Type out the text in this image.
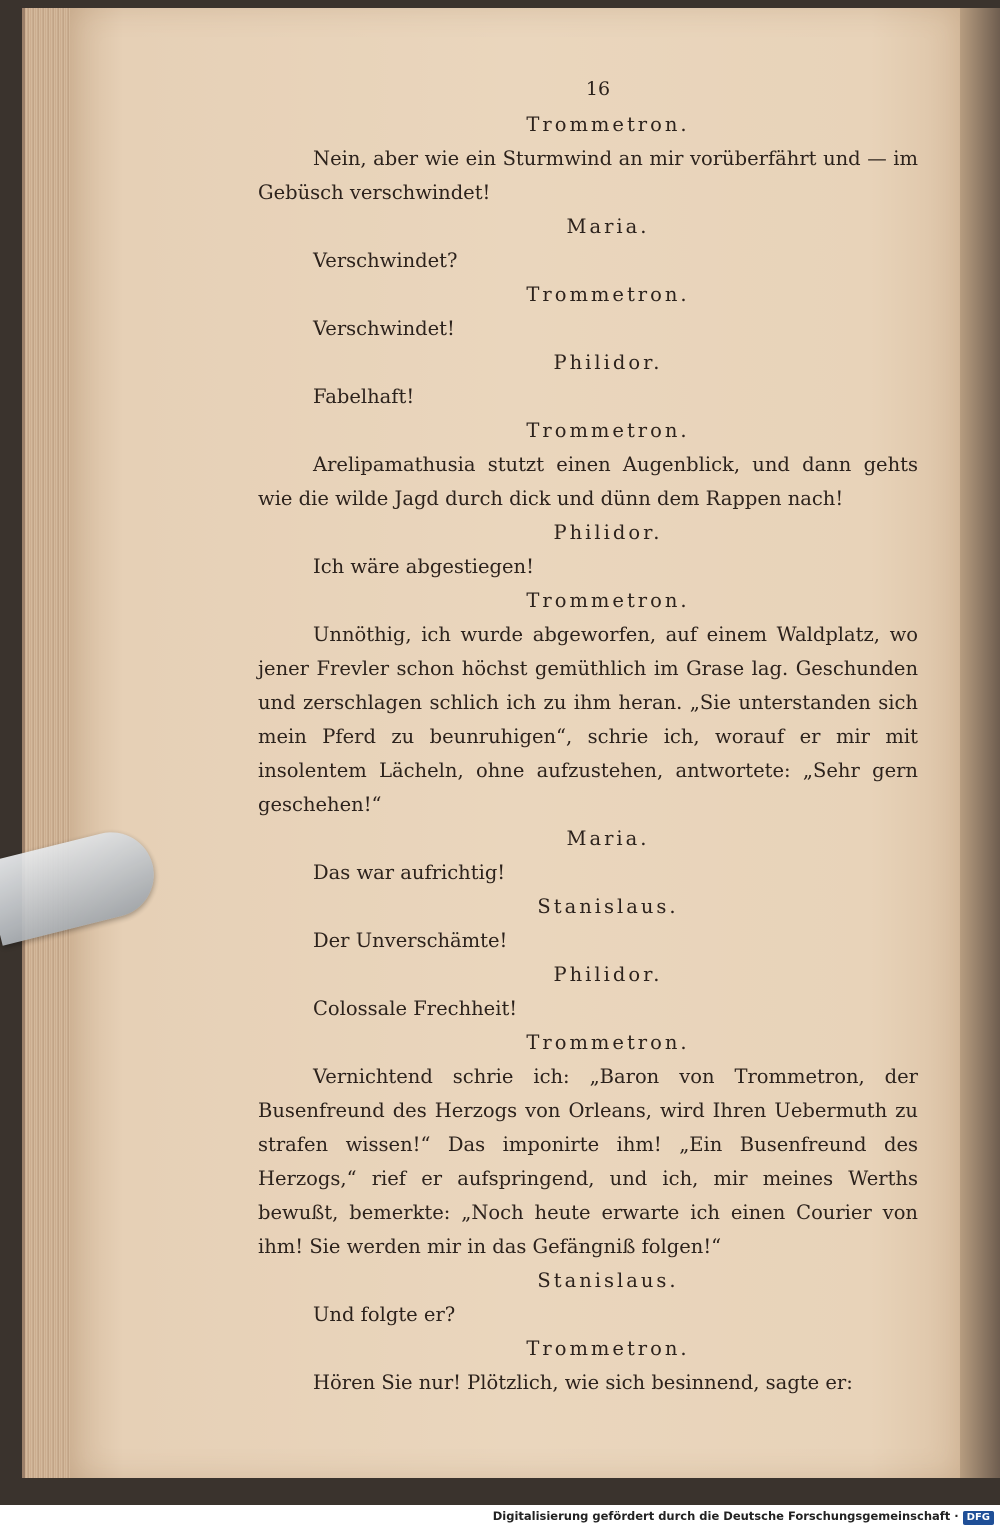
16
Trommetron.
Nein, aber wie ein Sturmwind an mir vorüberfährt und — im Gebüsch verschwindet!
Maria.
Verschwindet?
Trommetron.
Verschwindet!
Philidor.
Fabelhaft!
Trommetron.
Arelipamathusia stutzt einen Augenblick, und dann gehts wie die wilde Jagd durch dick und dünn dem Rappen nach!
Philidor.
Ich wäre abgestiegen!
Trommetron.
Unnöthig, ich wurde abgeworfen, auf einem Waldplatz, wo jener Frevler schon höchst gemüthlich im Grase lag. Geschunden und zerschlagen schlich ich zu ihm heran. „Sie unterstanden sich mein Pferd zu beunruhigen“, schrie ich, worauf er mir mit insolentem Lächeln, ohne aufzustehen, antwortete: „Sehr gern geschehen!“
Maria.
Das war aufrichtig!
Stanislaus.
Der Unverschämte!
Philidor.
Colossale Frechheit!
Trommetron.
Vernichtend schrie ich: „Baron von Trommetron, der Busenfreund des Herzogs von Orleans, wird Ihren Uebermuth zu strafen wissen!“ Das imponirte ihm! „Ein Busenfreund des Herzogs,“ rief er aufspringend, und ich, mir meines Werths bewußt, bemerkte: „Noch heute erwarte ich einen Courier von ihm! Sie werden mir in das Gefängniß folgen!“
Stanislaus.
Und folgte er?
Trommetron.
Hören Sie nur! Plötzlich, wie sich besinnend, sagte er:
Digitalisierung gefördert durch die Deutsche Forschungsgemeinschaft · DFG
